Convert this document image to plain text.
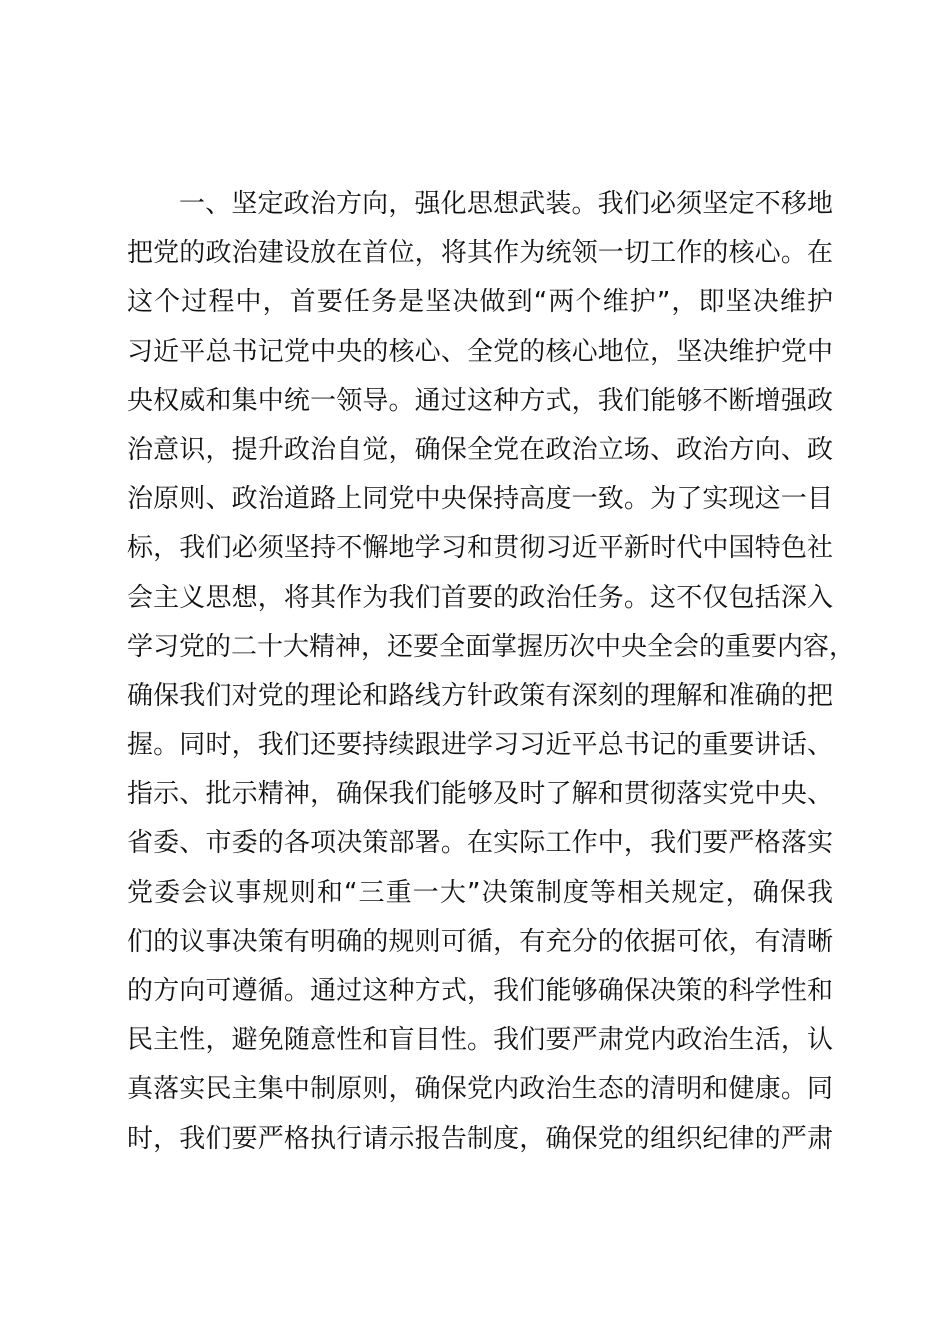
一、坚定政治方向，强化思想武装。我们必须坚定不移地
把党的政治建设放在首位，将其作为统领一切工作的核心。在
这个过程中，首要任务是坚决做到“两个维护”，即坚决维护
习近平总书记党中央的核心、全党的核心地位，坚决维护党中
央权威和集中统一领导。通过这种方式，我们能够不断增强政
治意识，提升政治自觉，确保全党在政治立场、政治方向、政
治原则、政治道路上同党中央保持高度一致。为了实现这一目
标，我们必须坚持不懈地学习和贯彻习近平新时代中国特色社
会主义思想，将其作为我们首要的政治任务。这不仅包括深入
学习党的二十大精神，还要全面掌握历次中央全会的重要内容，
确保我们对党的理论和路线方针政策有深刻的理解和准确的把
握。同时，我们还要持续跟进学习习近平总书记的重要讲话、
指示、批示精神，确保我们能够及时了解和贯彻落实党中央、
省委、市委的各项决策部署。在实际工作中，我们要严格落实
党委会议事规则和“三重一大”决策制度等相关规定，确保我
们的议事决策有明确的规则可循，有充分的依据可依，有清晰
的方向可遵循。通过这种方式，我们能够确保决策的科学性和
民主性，避免随意性和盲目性。我们要严肃党内政治生活，认
真落实民主集中制原则，确保党内政治生态的清明和健康。同
时，我们要严格执行请示报告制度，确保党的组织纪律的严肃
